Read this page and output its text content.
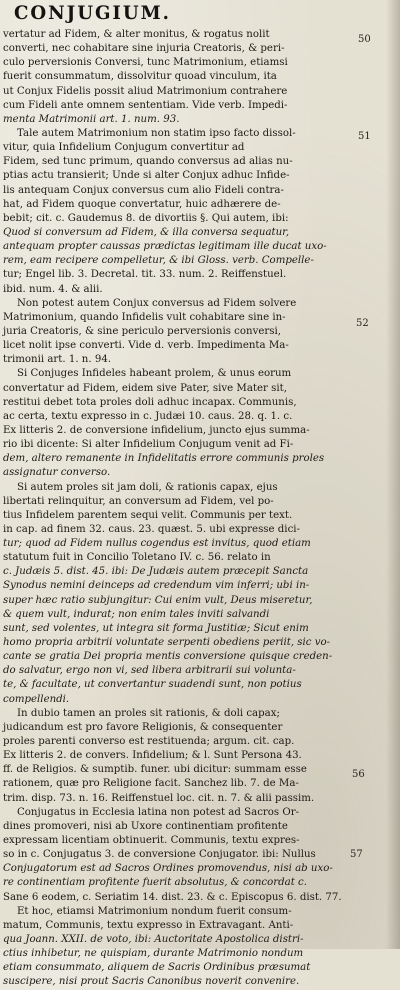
CONJUGIUM.
vertatur ad Fidem, & alter monitus, & rogatus nolit
converti, nec cohabitare sine injuria Creatoris, & peri-
culo perversionis Conversi, tunc Matrimonium, etiamsi
fuerit consummatum, dissolvitur quoad vinculum, ita
ut Conjux Fidelis possit aliud Matrimonium contrahere
cum Fideli ante omnem sententiam. Vide verb. Impedi-
menta Matrimonii art. 1. num. 93.
Tale autem Matrimonium non statim ipso facto dissol-
vitur, quia Infidelium Conjugum convertitur ad
Fidem, sed tunc primum, quando conversus ad alias nu-
ptias actu transierit; Unde si alter Conjux adhuc Infide-
lis antequam Conjux conversus cum alio Fideli contra-
hat, ad Fidem quoque convertatur, huic adhærere de-
bebit; cit. c. Gaudemus 8. de divortiis §. Qui autem, ibi:
Quod si conversum ad Fidem, & illa conversa sequatur,
antequam propter caussas prædictas legitimam ille ducat uxo-
rem, eam recipere compelletur, & ibi Gloss. verb. Compelle-
tur; Engel lib. 3. Decretal. tit. 33. num. 2. Reiffenstuel.
ibid. num. 4. & alii.
Non potest autem Conjux conversus ad Fidem solvere
Matrimonium, quando Infidelis vult cohabitare sine in-
juria Creatoris, & sine periculo perversionis conversi,
licet nolit ipse converti. Vide d. verb. Impedimenta Ma-
trimonii art. 1. n. 94.
Si Conjuges Infideles habeant prolem, & unus eorum
convertatur ad Fidem, eidem sive Pater, sive Mater sit,
restitui debet tota proles doli adhuc incapax. Communis,
ac certa, textu expresso in c. Judæi 10. caus. 28. q. 1. c.
Ex litteris 2. de conversione infidelium, juncto ejus summa-
rio ibi dicente: Si alter Infidelium Conjugum venit ad Fi-
dem, altero remanente in Infidelitatis errore communis proles
assignatur converso.
Si autem proles sit jam doli, & rationis capax, ejus
libertati relinquitur, an conversum ad Fidem, vel po-
tius Infidelem parentem sequi velit. Communis per text.
in cap. ad finem 32. caus. 23. quæst. 5. ubi expresse dici-
tur; quod ad Fidem nullus cogendus est invitus, quod etiam
statutum fuit in Concilio Toletano IV. c. 56. relato in
c. Judæis 5. dist. 45. ibi: De Judæis autem præcepit Sancta
Synodus nemini deinceps ad credendum vim inferri; ubi in-
super hæc ratio subjungitur: Cui enim vult, Deus miseretur,
& quem vult, indurat; non enim tales inviti salvandi
sunt, sed volentes, ut integra sit forma Justitiæ; Sicut enim
homo propria arbitrii voluntate serpenti obediens periit, sic vo-
cante se gratia Dei propria mentis conversione quisque creden-
do salvatur, ergo non vi, sed libera arbitrarii sui volunta-
te, & facultate, ut convertantur suadendi sunt, non potius
compellendi.
In dubio tamen an proles sit rationis, & doli capax;
judicandum est pro favore Religionis, & consequenter
proles parenti converso est restituenda; argum. cit. cap.
Ex litteris 2. de convers. Infidelium; & l. Sunt Persona 43.
ff. de Religios. & sumptib. funer. ubi dicitur: summam esse
rationem, quæ pro Religione facit. Sanchez lib. 7. de Ma-
trim. disp. 73. n. 16. Reiffenstuel loc. cit. n. 7. & alii passim.
Conjugatus in Ecclesia latina non potest ad Sacros Or-
dines promoveri, nisi ab Uxore continentiam profitente
expressam licentiam obtinuerit. Communis, textu expres-
so in c. Conjugatus 3. de conversione Conjugator. ibi: Nullus
Conjugatorum est ad Sacros Ordines promovendus, nisi ab uxo-
re continentiam profitente fuerit absolutus, & concordat c.
Sane 6 eodem, c. Seriatim 14. dist. 23. & c. Episcopus 6. dist. 77.
Et hoc, etiamsi Matrimonium nondum fuerit consum-
matum, Communis, textu expresso in Extravagant. Anti-
qua Joann. XXII. de voto, ibi: Auctoritate Apostolica distri-
ctius inhibetur, ne quispiam, durante Matrimonio nondum
etiam consummato, aliquem de Sacris Ordinibus præsumat
suscipere, nisi prout Sacris Canonibus noverit convenire.
50
51
52
56
57
